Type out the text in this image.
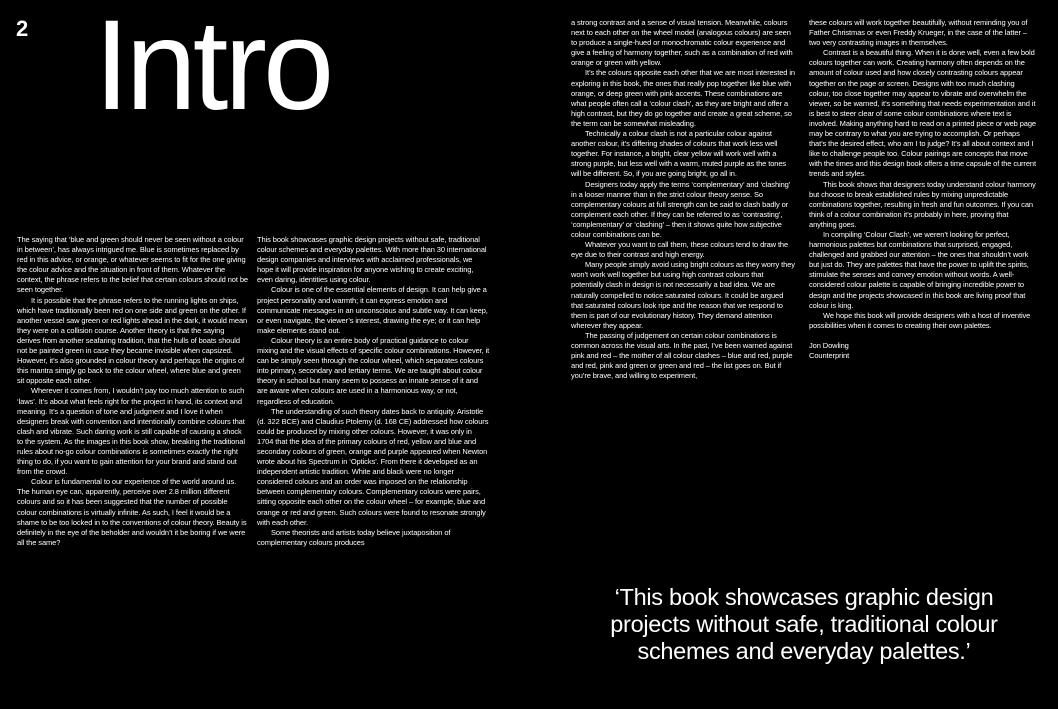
2 Intro

The saying that ‘blue and green should never be seen without a colour in between’, has always intrigued me. Blue is sometimes replaced by red in this advice, or orange, or whatever seems to fit for the one giving the colour advice and the situation in front of them. Whatever the context, the phrase refers to the belief that certain colours should not be seen together.

It is possible that the phrase refers to the running lights on ships, which have traditionally been red on one side and green on the other. If another vessel saw green or red lights ahead in the dark, it would mean they were on a collision course. Another theory is that the saying derives from another seafaring tradition, that the hulls of boats should not be painted green in case they became invisible when capsized. However, it’s also grounded in colour theory and perhaps the origins of this mantra simply go back to the colour wheel, where blue and green sit opposite each other.

Wherever it comes from, I wouldn’t pay too much attention to such ‘laws’. It’s about what feels right for the project in hand, its context and meaning. It’s a question of tone and judgment and I love it when designers break with convention and intentionally combine colours that clash and vibrate. Such daring work is still capable of causing a shock to the system. As the images in this book show, breaking the traditional rules about no-go colour combinations is sometimes exactly the right thing to do, if you want to gain attention for your brand and stand out from the crowd.

Colour is fundamental to our experience of the world around us. The human eye can, apparently, perceive over 2.8 million different colours and so it has been suggested that the number of possible colour combinations is virtually infinite. As such, I feel it would be a shame to be too locked in to the conventions of colour theory. Beauty is definitely in the eye of the beholder and wouldn’t it be boring if we were all the same?

This book showcases graphic design projects without safe, traditional colour schemes and everyday palettes. With more than 30 international design companies and interviews with acclaimed professionals, we hope it will provide inspiration for anyone wishing to create exciting, even daring, identities using colour.

Colour is one of the essential elements of design. It can help give a project personality and warmth; it can express emotion and communicate messages in an unconscious and subtle way. It can keep, or even navigate, the viewer’s interest, drawing the eye; or it can help make elements stand out.

Colour theory is an entire body of practical guidance to colour mixing and the visual effects of specific colour combinations. However, it can be simply seen through the colour wheel, which separates colours into primary, secondary and tertiary terms. We are taught about colour theory in school but many seem to possess an innate sense of it and are aware when colours are used in a harmonious way, or not, regardless of education.

The understanding of such theory dates back to antiquity. Aristotle (d. 322 BCE) and Claudius Ptolemy (d. 168 CE) addressed how colours could be produced by mixing other colours. However, it was only in 1704 that the idea of the primary colours of red, yellow and blue and secondary colours of green, orange and purple appeared when Newton wrote about his Spectrum in ‘Opticks’. From there it developed as an independent artistic tradition. White and black were no longer considered colours and an order was imposed on the relationship between complementary colours. Complementary colours were pairs, sitting opposite each other on the colour wheel – for example, blue and orange or red and green. Such colours were found to resonate strongly with each other.

Some theorists and artists today believe juxtaposition of complementary colours produces

a strong contrast and a sense of visual tension. Meanwhile, colours next to each other on the wheel model (analogous colours) are seen to produce a single-hued or monochromatic colour experience and give a feeling of harmony together, such as a combination of red with orange or green with yellow.

It’s the colours opposite each other that we are most interested in exploring in this book, the ones that really pop together like blue with orange, or deep green with pink accents. These combinations are what people often call a ‘colour clash’, as they are bright and offer a high contrast, but they do go together and create a great scheme, so the term can be somewhat misleading.

Technically a colour clash is not a particular colour against another colour, it’s differing shades of colours that work less well together. For instance, a bright, clear yellow will work well with a strong purple, but less well with a warm, muted purple as the tones will be different. So, if you are going bright, go all in.

Designers today apply the terms ‘complementary’ and ‘clashing’ in a looser manner than in the strict colour theory sense. So complementary colours at full strength can be said to clash badly or complement each other. If they can be referred to as ‘contrasting’, ‘complementary’ or ‘clashing’ – then it shows quite how subjective colour combinations can be.

Whatever you want to call them, these colours tend to draw the eye due to their contrast and high energy.

Many people simply avoid using bright colours as they worry they won’t work well together but using high contrast colours that potentially clash in design is not necessarily a bad idea. We are naturally compelled to notice saturated colours. It could be argued that saturated colours look ripe and the reason that we respond to them is part of our evolutionary history. They demand attention wherever they appear.

The passing of judgement on certain colour combinations is common across the visual arts. In the past, I’ve been warned against pink and red – the mother of all colour clashes – blue and red, purple and red, pink and green or green and red – the list goes on. But if you’re brave, and willing to experiment,

these colours will work together beautifully, without reminding you of Father Christmas or even Freddy Krueger, in the case of the latter – two very contrasting images in themselves.

Contrast is a beautiful thing. When it is done well, even a few bold colours together can work. Creating harmony often depends on the amount of colour used and how closely contrasting colours appear together on the page or screen. Designs with too much clashing colour, too close together may appear to vibrate and overwhelm the viewer, so be warned, it’s something that needs experimentation and it is best to steer clear of some colour combinations where text is involved. Making anything hard to read on a printed piece or web page may be contrary to what you are trying to accomplish. Or perhaps that’s the desired effect, who am I to judge? It’s all about context and I like to challenge people too. Colour pairings are concepts that move with the times and this design book offers a time capsule of the current trends and styles.

This book shows that designers today understand colour harmony but choose to break established rules by mixing unpredictable combinations together, resulting in fresh and fun outcomes. If you can think of a colour combination it’s probably in here, proving that anything goes.

In compiling ‘Colour Clash’, we weren’t looking for perfect, harmonious palettes but combinations that surprised, engaged, challenged and grabbed our attention – the ones that shouldn’t work but just do. They are palettes that have the power to uplift the spirits, stimulate the senses and convey emotion without words. A well-considered colour palette is capable of bringing incredible power to design and the projects showcased in this book are living proof that colour is king.

We hope this book will provide designers with a host of inventive possibilities when it comes to creating their own palettes.

Jon Dowling
Counterprint

‘This book showcases graphic design projects without safe, traditional colour schemes and everyday palettes.’
